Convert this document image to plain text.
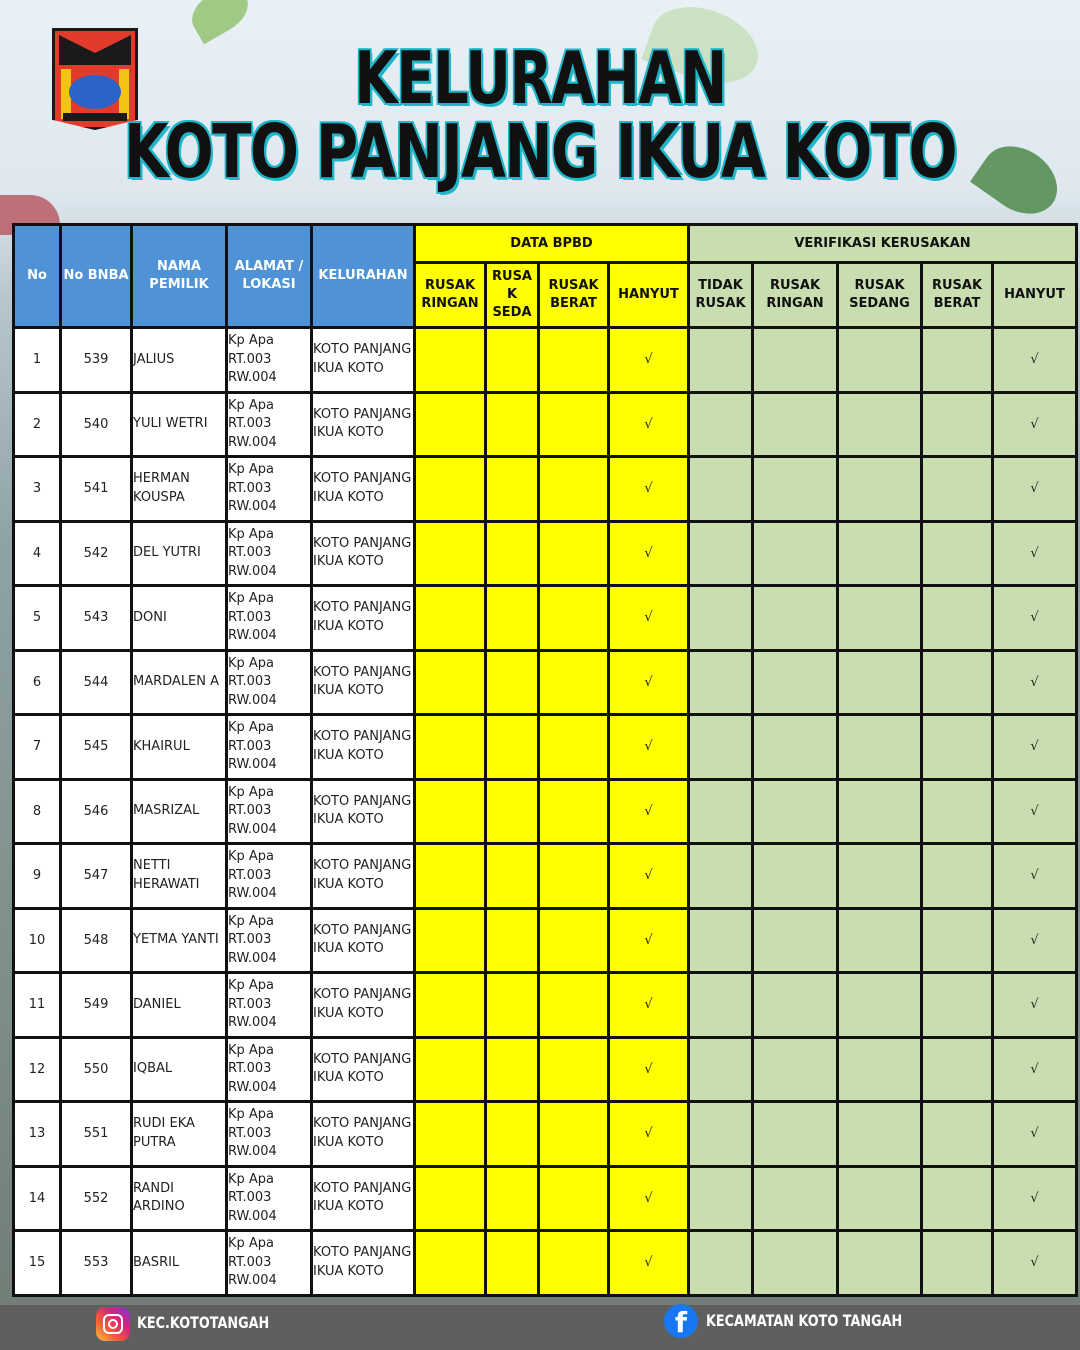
KELURAHAN
KOTO PANJANG IKUA KOTO
No	No BNBA	NAMA PEMILIK	ALAMAT / LOKASI	KELURAHAN	DATA BPBD				VERIFIKASI KERUSAKAN				
					RUSAK RINGAN	RUSA K SEDA	RUSAK BERAT	HANYUT	TIDAK RUSAK	RUSAK RINGAN	RUSAK SEDANG	RUSAK BERAT	HANYUT
1	539	JALIUS	Kp Apa RT.003 RW.004	KOTO PANJANG IKUA KOTO				√					√
2	540	YULI WETRI	Kp Apa RT.003 RW.004	KOTO PANJANG IKUA KOTO				√					√
3	541	HERMAN KOUSPA	Kp Apa RT.003 RW.004	KOTO PANJANG IKUA KOTO				√					√
4	542	DEL YUTRI	Kp Apa RT.003 RW.004	KOTO PANJANG IKUA KOTO				√					√
5	543	DONI	Kp Apa RT.003 RW.004	KOTO PANJANG IKUA KOTO				√					√
6	544	MARDALEN A	Kp Apa RT.003 RW.004	KOTO PANJANG IKUA KOTO				√					√
7	545	KHAIRUL	Kp Apa RT.003 RW.004	KOTO PANJANG IKUA KOTO				√					√
8	546	MASRIZAL	Kp Apa RT.003 RW.004	KOTO PANJANG IKUA KOTO				√					√
9	547	NETTI HERAWATI	Kp Apa RT.003 RW.004	KOTO PANJANG IKUA KOTO				√					√
10	548	YETMA YANTI	Kp Apa RT.003 RW.004	KOTO PANJANG IKUA KOTO				√					√
11	549	DANIEL	Kp Apa RT.003 RW.004	KOTO PANJANG IKUA KOTO				√					√
12	550	IQBAL	Kp Apa RT.003 RW.004	KOTO PANJANG IKUA KOTO				√					√
13	551	RUDI EKA PUTRA	Kp Apa RT.003 RW.004	KOTO PANJANG IKUA KOTO				√					√
14	552	RANDI ARDINO	Kp Apa RT.003 RW.004	KOTO PANJANG IKUA KOTO				√					√
15	553	BASRIL	Kp Apa RT.003 RW.004	KOTO PANJANG IKUA KOTO				√					√
KEC.KOTOTANGAH	f	KECAMATAN KOTO TANGAH
